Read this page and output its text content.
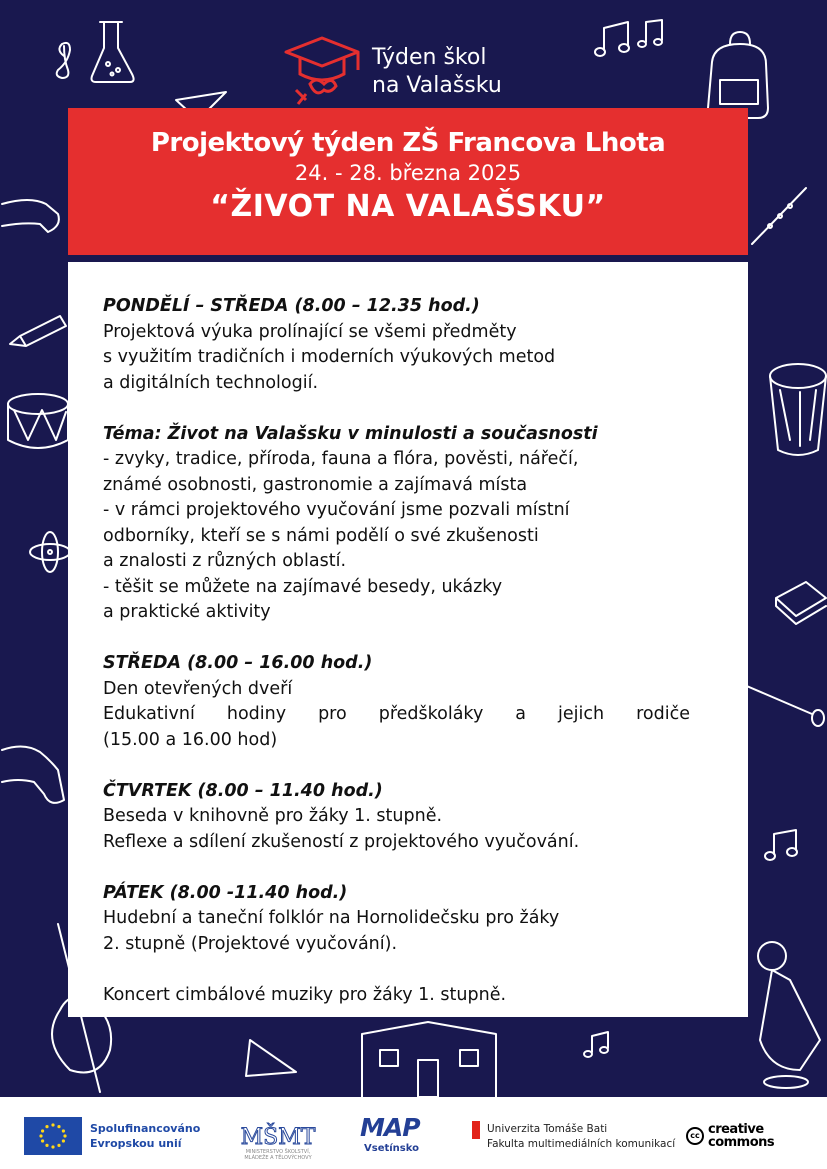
Týden škol
na Valašsku
Projektový týden ZŠ Francova Lhota
24. - 28. března 2025
“ŽIVOT NA VALAŠSKU”
PONDĚLÍ – STŘEDA (8.00 – 12.35 hod.)
Projektová výuka prolínající se všemi předměty
s využitím tradičních i moderních výukových metod
a digitálních technologií.
Téma: Život na Valašsku v minulosti a současnosti
- zvyky, tradice, příroda, fauna a flóra, pověsti, nářečí,
známé osobnosti, gastronomie a zajímavá místa
- v rámci projektového vyučování jsme pozvali místní
odborníky, kteří se s námi podělí o své zkušenosti
a znalosti z různých oblastí.
- těšit se můžete na zajímavé besedy, ukázky
a praktické aktivity
STŘEDA (8.00 – 16.00 hod.)
Den otevřených dveří
Edukativní hodiny pro předškoláky a jejich rodiče
(15.00 a 16.00 hod)
ČTVRTEK (8.00 – 11.40 hod.)
Beseda v knihovně pro žáky 1. stupně.
Reflexe a sdílení zkušeností z projektového vyučování.
PÁTEK (8.00 -11.40 hod.)
Hudební a taneční folklór na Hornolidečsku pro žáky
2. stupně (Projektové vyučování).
Koncert cimbálové muziky pro žáky 1. stupně.
Spolufinancováno
Evropskou unií	MŠMT
MINISTERSTVO ŠKOLSTVÍ,
MLÁDEŽE A TĚLOVÝCHOVY
MAP
Vsetínsko
Univerzita Tomáše Bati
Fakulta multimediálních komunikací
cc creative
commons
